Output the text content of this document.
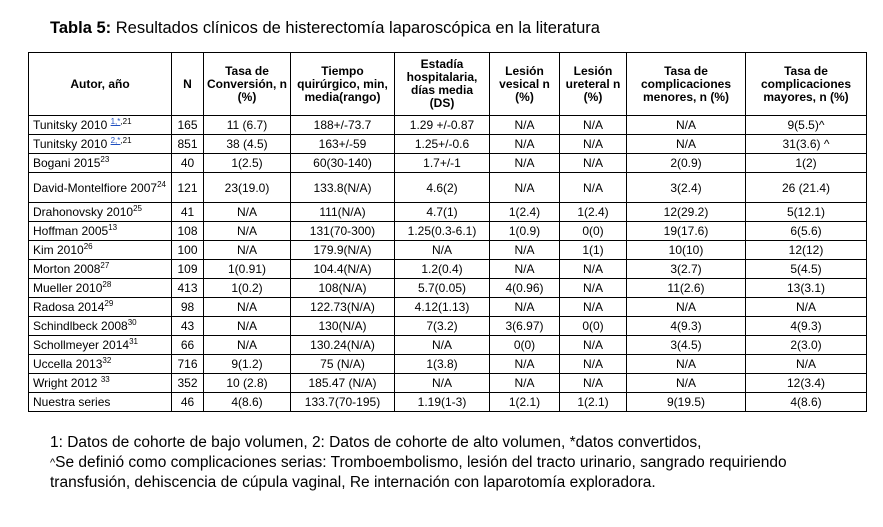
Tabla 5: Resultados clínicos de histerectomía laparoscópica en la literatura
Autor, año	N	Tasa de Conversión, n (%)	Tiempo quirúrgico, min, media(rango)	Estadía hospitalaria, días media (DS)	Lesión vesical n (%)	Lesión ureteral n (%)	Tasa de complicaciones menores, n (%)	Tasa de complicaciones mayores, n (%)
Tunitsky 2010 $^{1,*,21}$	165	11 (6.7)	188+/-73.7	1.29 +/-0.87	N/A	N/A	N/A	9(5.5)^
Tunitsky 2010 $^{2,*,21}$	851	38 (4.5)	163+/-59	1.25+/-0.6	N/A	N/A	N/A	31(3.6) ^
Bogani 2015$^{23}$	40	1(2.5)	60(30-140)	1.7+/-1	N/A	N/A	2(0.9)	1(2)
David-Montelfiore 2007$^{24}$	121	23(19.0)	133.8(N/A)	4.6(2)	N/A	N/A	3(2.4)	26 (21.4)
Drahonovsky 2010$^{25}$	41	N/A	111(N/A)	4.7(1)	1(2.4)	1(2.4)	12(29.2)	5(12.1)
Hoffman 2005$^{13}$	108	N/A	131(70-300)	1.25(0.3-6.1)	1(0.9)	0(0)	19(17.6)	6(5.6)
Kim 2010$^{26}$	100	N/A	179.9(N/A)	N/A	N/A	1(1)	10(10)	12(12)
Morton 2008$^{27}$	109	1(0.91)	104.4(N/A)	1.2(0.4)	N/A	N/A	3(2.7)	5(4.5)
Mueller 2010$^{28}$	413	1(0.2)	108(N/A)	5.7(0.05)	4(0.96)	N/A	11(2.6)	13(3.1)
Radosa 2014$^{29}$	98	N/A	122.73(N/A)	4.12(1.13)	N/A	N/A	N/A	N/A
Schindlbeck 2008$^{30}$	43	N/A	130(N/A)	7(3.2)	3(6.97)	0(0)	4(9.3)	4(9.3)
Schollmeyer 2014$^{31}$	66	N/A	130.24(N/A)	N/A	0(0)	N/A	3(4.5)	2(3.0)
Uccella 2013$^{32}$	716	9(1.2)	75 (N/A)	1(3.8)	N/A	N/A	N/A	N/A
Wright 2012 $^{33}$	352	10 (2.8)	185.47 (N/A)	N/A	N/A	N/A	N/A	12(3.4)
Nuestra series	46	4(8.6)	133.7(70-195)	1.19(1-3)	1(2.1)	1(2.1)	9(19.5)	4(8.6)
1: Datos de cohorte de bajo volumen, 2: Datos de cohorte de alto volumen, *datos convertidos,
^Se definió como complicaciones serias: Tromboembolismo, lesión del tracto urinario, sangrado requiriendo transfusión, dehiscencia de cúpula vaginal, Re internación con laparotomía exploradora.
